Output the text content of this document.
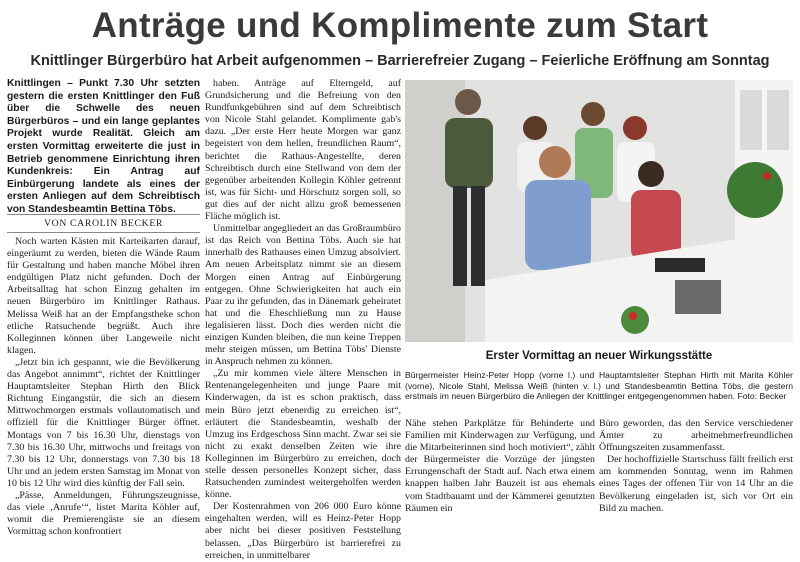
Anträge und Komplimente zum Start
Knittlinger Bürgerbüro hat Arbeit aufgenommen – Barrierefreier Zugang – Feierliche Eröffnung am Sonntag
Knittlingen – Punkt 7.30 Uhr setzten gestern die ersten Knittlinger den Fuß über die Schwelle des neuen Bürgerbüros – und ein lange geplantes Projekt wurde Realität. Gleich am ersten Vormittag erweiterte die just in Betrieb genommene Einrichtung ihren Kundenkreis: Ein Antrag auf Einbürgerung landete als eines der ersten Anliegen auf dem Schreibtisch von Standesbeamtin Bettina Töbs.
VON CAROLIN BECKER

Noch warten Kästen mit Karteikarten darauf, eingeräumt zu werden, bieten die Wände Raum für Gestaltung und haben manche Möbel ihren endgültigen Platz nicht gefunden. Doch der Arbeitsalltag hat schon Einzug gehalten im neuen Bürgerbüro im Knittlinger Rathaus. Melissa Weiß hat an der Empfangstheke schon etliche Ratsuchende begrüßt. Auch ihre Kolleginnen können über Langeweile nicht klagen.

„Jetzt bin ich gespannt, wie die Bevölkerung das Angebot annimmt“, richtet der Knittlinger Hauptamtsleiter Stephan Hirth den Blick Richtung Eingangstür, die sich an diesem Mittwochmorgen erstmals vollautomatisch und offiziell für die Knittlinger Bürger öffnet. Montags von 7 bis 16.30 Uhr, dienstags von 7.30 bis 16.30 Uhr, mittwochs und freitags von 7.30 bis 12 Uhr, donnerstags von 7.30 bis 18 Uhr und an jedem ersten Samstag im Monat von 10 bis 12 Uhr wird dies künftig der Fall sein.

„Pässe, Anmeldungen, Führungszeugnisse, das viele ‚Anrufe‘“, listet Marita Köhler auf, womit die Premierengäste sie an diesem Vormittag schon konfrontiert

haben. Anträge auf Elterngeld, auf Grundsicherung und die Befreiung von den Rundfunkgebühren sind auf dem Schreibtisch von Nicole Stahl gelandet. Komplimente gab's dazu. „Der erste Herr heute Morgen war ganz begeistert von dem hellen, freundlichen Raum“, berichtet die Rathaus-Angestellte, deren Schreibtisch durch eine Stellwand von dem der gegenüber arbeitenden Kollegin Köhler getrennt ist, was für Sicht- und Hörschutz sorgen soll, so gut dies auf der nicht allzu groß bemessenen Fläche möglich ist.

Unmittelbar angegliedert an das Großraumbüro ist das Reich von Bettina Töbs. Auch sie hat innerhalb des Rathauses einen Umzug absolviert. Am neuen Arbeitsplatz nimmt sie an diesem Morgen einen Antrag auf Einbürgerung entgegen. Ohne Schwierigkeiten hat auch ein Paar zu ihr gefunden, das in Dänemark geheiratet hat und die Eheschließung nun zu Hause legalisieren lässt. Doch dies werden nicht die einzigen Kunden bleiben, die nun keine Treppen mehr steigen müssen, um Bettina Töbs' Dienste in Anspruch nehmen zu können.

„Zu mir kommen viele ältere Menschen in Rentenangelegenheiten und junge Paare mit Kinderwagen, da ist es schon praktisch, dass mein Büro jetzt ebenerdig zu erreichen ist“, erläutert die Standesbeamtin, weshalb der Umzug ins Erdgeschoss Sinn macht. Zwar sei sie nicht zu exakt denselben Zeiten wie ihre Kolleginnen im Bürgerbüro zu erreichen, doch stelle dessen personelles Konzept sicher, dass Ratsuchenden zumindest weitergeholfen werden könne.

Der Kostenrahmen von 206 000 Euro könne eingehalten werden, will es Heinz-Peter Hopp aber nicht bei dieser positiven Feststellung belassen. „Das Bürgerbüro ist barrierefrei zu erreichen, in unmittelbarer

Erster Vormittag an neuer Wirkungsstätte
Bürgermeister Heinz-Peter Hopp (vorne l.) und Hauptamtsleiter Stephan Hirth mit Marita Köhler (vorne), Nicole Stahl, Melissa Weiß (hinten v. l.) und Standesbeamtin Bettina Töbs, die gestern erstmals im neuen Bürgerbüro die Anliegen der Knittlinger entgegengenommen haben. Foto: Becker

Nähe stehen Parkplätze für Behinderte und Familien mit Kinderwagen zur Verfügung, und die Mitarbeiterinnen sind hoch motiviert“, zählt der Bürgermeister die Vorzüge der jüngsten Errungenschaft der Stadt auf. Nach etwa einem knappen halben Jahr Bauzeit ist aus ehemals vom Stadtbauamt und der Kämmerei genutzten Räumen ein

Büro geworden, das den Service verschiedener Ämter zu arbeitnehmerfreundlichen Öffnungszeiten zusammenfasst.

Der hochoffizielle Startschuss fällt freilich erst am kommenden Sonntag, wenn im Rahmen eines Tages der offenen Tür von 14 Uhr an die Bevölkerung eingeladen ist, sich vor Ort ein Bild zu machen.
